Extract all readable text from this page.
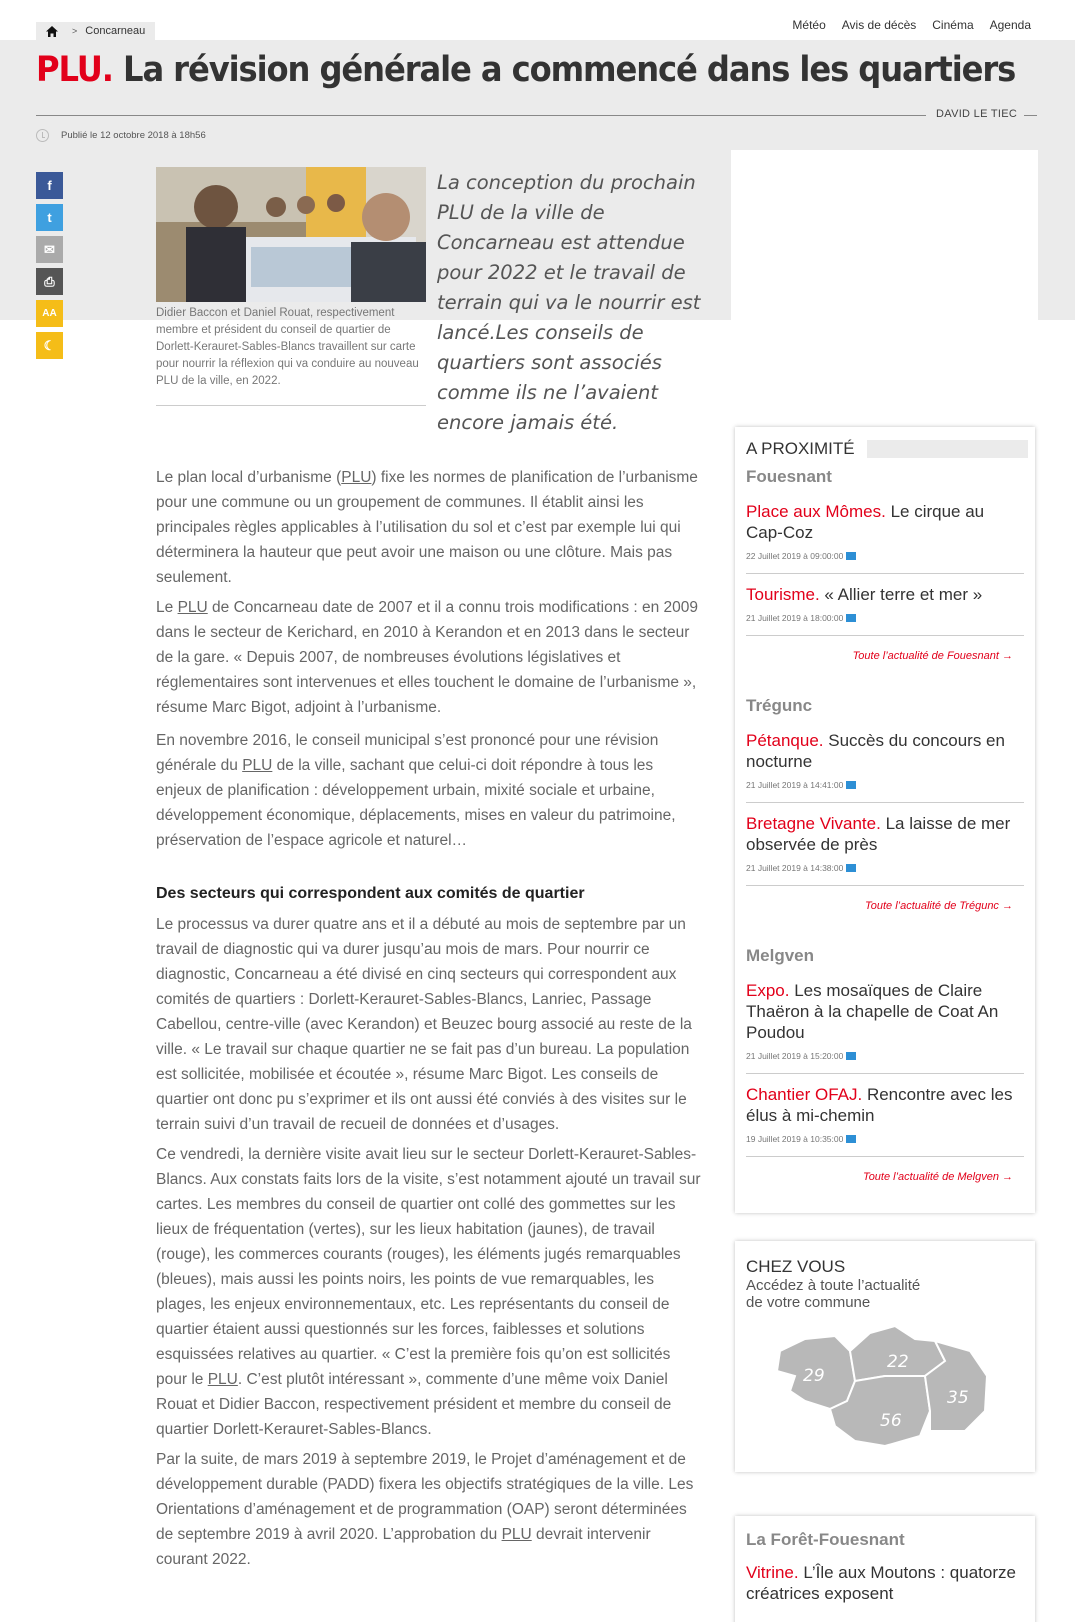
> Concarneau	Météo Avis de décès Cinéma Agenda
PLU. La révision générale a commencé dans les quartiers
DAVID LE TIEC
Publié le 12 octobre 2018 à 18h56
f
t
✉
⎙
AA
☾
Didier Baccon et Daniel Rouat, respectivement membre et président du conseil de quartier de Dorlett-Kerauret-Sables-Blancs travaillent sur carte pour nourrir la réflexion qui va conduire au nouveau PLU de la ville, en 2022.
La conception du prochain PLU de la ville de Concarneau est attendue pour 2022 et le travail de terrain qui va le nourrir est lancé.Les conseils de quartiers sont associés comme ils ne l’avaient encore jamais été.

Le plan local d’urbanisme (PLU) fixe les normes de planification de l’urbanisme pour une commune ou un groupement de communes. Il établit ainsi les principales règles applicables à l’utilisation du sol et c’est par exemple lui qui déterminera la hauteur que peut avoir une maison ou une clôture. Mais pas seulement.

Le PLU de Concarneau date de 2007 et il a connu trois modifications : en 2009 dans le secteur de Kerichard, en 2010 à Kerandon et en 2013 dans le secteur de la gare. « Depuis 2007, de nombreuses évolutions législatives et réglementaires sont intervenues et elles touchent le domaine de l’urbanisme », résume Marc Bigot, adjoint à l’urbanisme.

En novembre 2016, le conseil municipal s’est prononcé pour une révision générale du PLU de la ville, sachant que celui-ci doit répondre à tous les enjeux de planification : développement urbain, mixité sociale et urbaine, développement économique, déplacements, mises en valeur du patrimoine, préservation de l’espace agricole et naturel…

Des secteurs qui correspondent aux comités de quartier

Le processus va durer quatre ans et il a débuté au mois de septembre par un travail de diagnostic qui va durer jusqu’au mois de mars. Pour nourrir ce diagnostic, Concarneau a été divisé en cinq secteurs qui correspondent aux comités de quartiers : Dorlett-Kerauret-Sables-Blancs, Lanriec, Passage Cabellou, centre-ville (avec Kerandon) et Beuzec bourg associé au reste de la ville. « Le travail sur chaque quartier ne se fait pas d’un bureau. La population est sollicitée, mobilisée et écoutée », résume Marc Bigot. Les conseils de quartier ont donc pu s’exprimer et ils ont aussi été conviés à des visites sur le terrain suivi d’un travail de recueil de données et d’usages.

Ce vendredi, la dernière visite avait lieu sur le secteur Dorlett-Kerauret-Sables-Blancs. Aux constats faits lors de la visite, s’est notamment ajouté un travail sur cartes. Les membres du conseil de quartier ont collé des gommettes sur les lieux de fréquentation (vertes), sur les lieux habitation (jaunes), de travail (rouge), les commerces courants (rouges), les éléments jugés remarquables (bleues), mais aussi les points noirs, les points de vue remarquables, les plages, les enjeux environnementaux, etc. Les représentants du conseil de quartier étaient aussi questionnés sur les forces, faiblesses et solutions esquissées relatives au quartier. « C’est la première fois qu’on est sollicités pour le PLU. C’est plutôt intéressant », commente d’une même voix Daniel Rouat et Didier Baccon, respectivement président et membre du conseil de quartier Dorlett-Kerauret-Sables-Blancs.

Par la suite, de mars 2019 à septembre 2019, le Projet d’aménagement et de développement durable (PADD) fixera les objectifs stratégiques de la ville. Les Orientations d’aménagement et de programmation (OAP) seront déterminées de septembre 2019 à avril 2020. L’approbation du PLU devrait intervenir courant 2022.

A PROXIMITÉ
Fouesnant
Place aux Mômes. Le cirque au Cap-Coz
22 Juillet 2019 à 09:00:00
Tourisme. « Allier terre et mer »
21 Juillet 2019 à 18:00:00
Toute l’actualité de Fouesnant →
Trégunc
Pétanque. Succès du concours en nocturne
21 Juillet 2019 à 14:41:00
Bretagne Vivante. La laisse de mer observée de près
21 Juillet 2019 à 14:38:00
Toute l’actualité de Trégunc →
Melgven
Expo. Les mosaïques de Claire Thaëron à la chapelle de Coat An Poudou
21 Juillet 2019 à 15:20:00
Chantier OFAJ. Rencontre avec les élus à mi-chemin
19 Juillet 2019 à 10:35:00
Toute l’actualité de Melgven →
CHEZ VOUS
Accédez à toute l’actualité
de votre commune
29
22
56
35
La Forêt-Fouesnant
Vitrine. L’Île aux Moutons : quatorze créatrices exposent
